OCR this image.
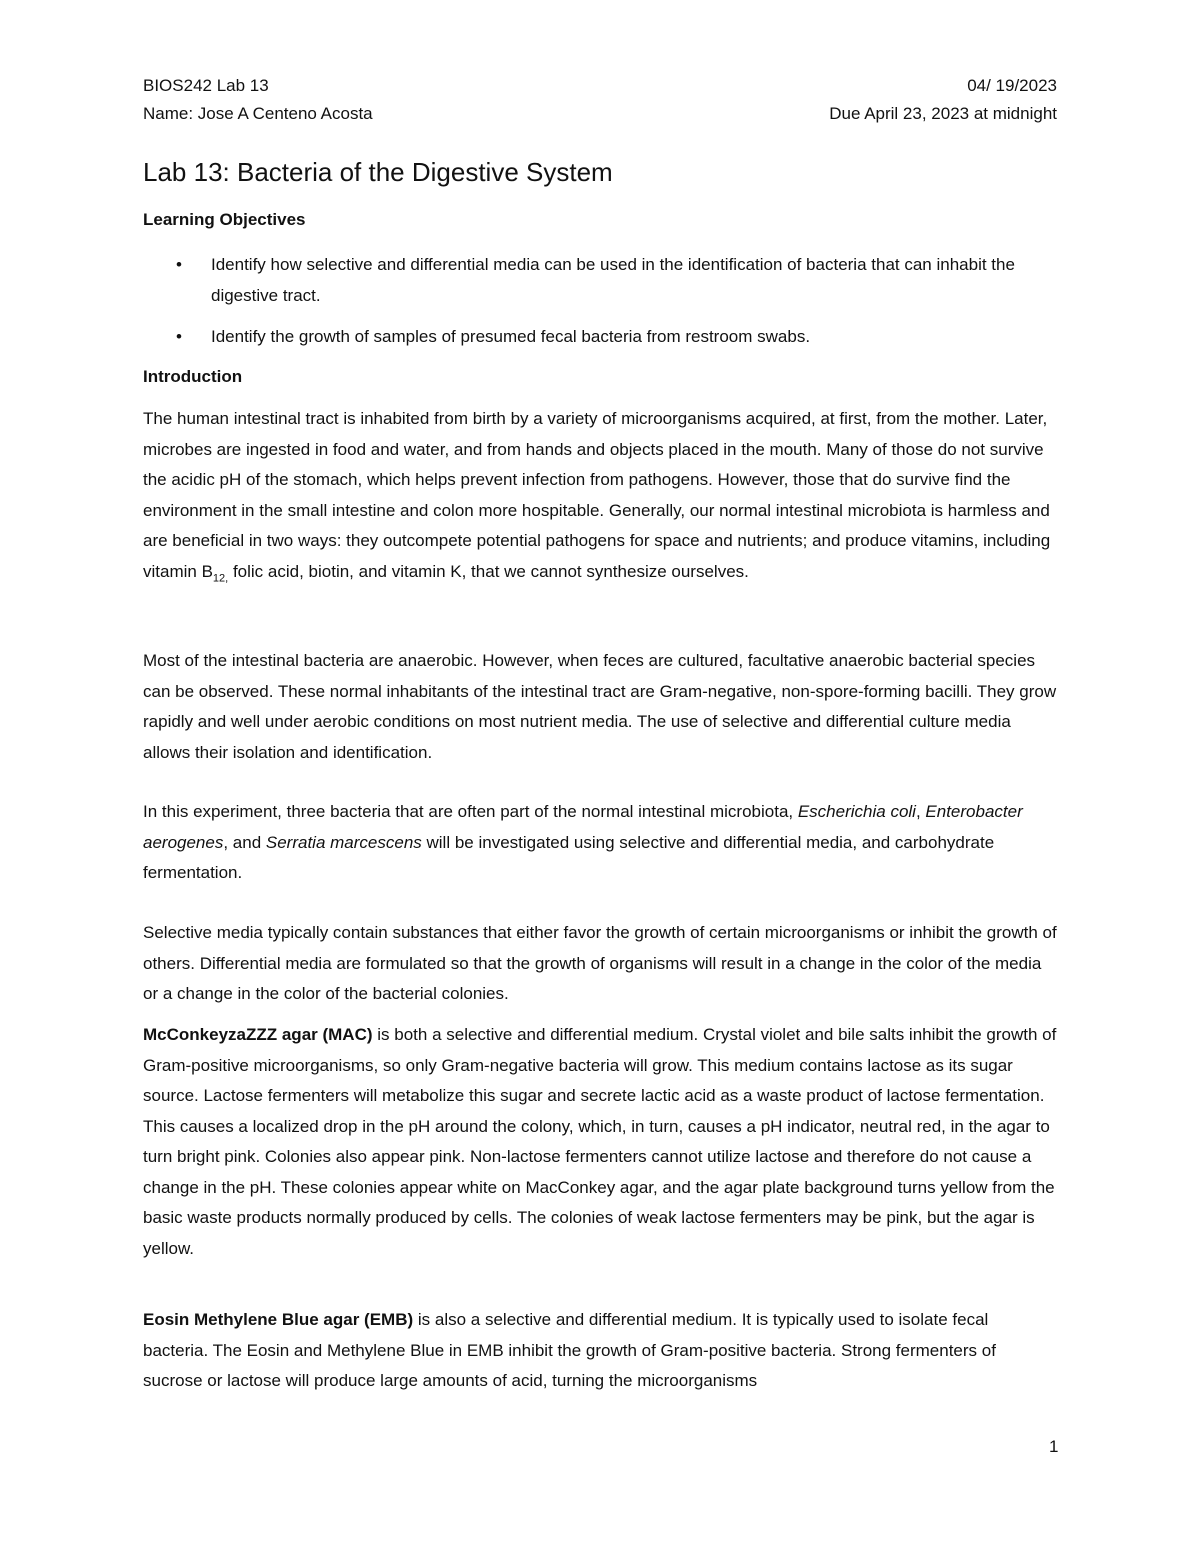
BIOS242 Lab 13	04/ 19/2023
Name: Jose A Centeno Acosta	Due April 23, 2023 at midnight
Lab 13: Bacteria of the Digestive System
Learning Objectives
• Identify how selective and differential media can be used in the identification of bacteria that can inhabit the digestive tract.
• Identify the growth of samples of presumed fecal bacteria from restroom swabs.
Introduction

The human intestinal tract is inhabited from birth by a variety of microorganisms acquired, at first, from the mother. Later, microbes are ingested in food and water, and from hands and objects placed in the mouth. Many of those do not survive the acidic pH of the stomach, which helps prevent infection from pathogens. However, those that do survive find the environment in the small intestine and colon more hospitable. Generally, our normal intestinal microbiota is harmless and are beneficial in two ways: they outcompete potential pathogens for space and nutrients; and produce vitamins, including vitamin $B_{12,}$ folic acid, biotin, and vitamin K, that we cannot synthesize ourselves.

Most of the intestinal bacteria are anaerobic. However, when feces are cultured, facultative anaerobic bacterial species can be observed. These normal inhabitants of the intestinal tract are Gram-negative, non-spore-forming bacilli. They grow rapidly and well under aerobic conditions on most nutrient media. The use of selective and differential culture media allows their isolation and identification.

In this experiment, three bacteria that are often part of the normal intestinal microbiota, Escherichia coli, Enterobacter aerogenes, and Serratia marcescens will be investigated using selective and differential media, and carbohydrate fermentation.

Selective media typically contain substances that either favor the growth of certain microorganisms or inhibit the growth of others. Differential media are formulated so that the growth of organisms will result in a change in the color of the media or a change in the color of the bacterial colonies.

McConkeyzaZZZ agar (MAC) is both a selective and differential medium. Crystal violet and bile salts inhibit the growth of Gram-positive microorganisms, so only Gram-negative bacteria will grow. This medium contains lactose as its sugar source. Lactose fermenters will metabolize this sugar and secrete lactic acid as a waste product of lactose fermentation. This causes a localized drop in the pH around the colony, which, in turn, causes a pH indicator, neutral red, in the agar to turn bright pink. Colonies also appear pink. Non-lactose fermenters cannot utilize lactose and therefore do not cause a change in the pH. These colonies appear white on MacConkey agar, and the agar plate background turns yellow from the basic waste products normally produced by cells. The colonies of weak lactose fermenters may be pink, but the agar is yellow.

Eosin Methylene Blue agar (EMB) is also a selective and differential medium. It is typically used to isolate fecal bacteria. The Eosin and Methylene Blue in EMB inhibit the growth of Gram-positive bacteria. Strong fermenters of sucrose or lactose will produce large amounts of acid, turning the microorganisms

1
